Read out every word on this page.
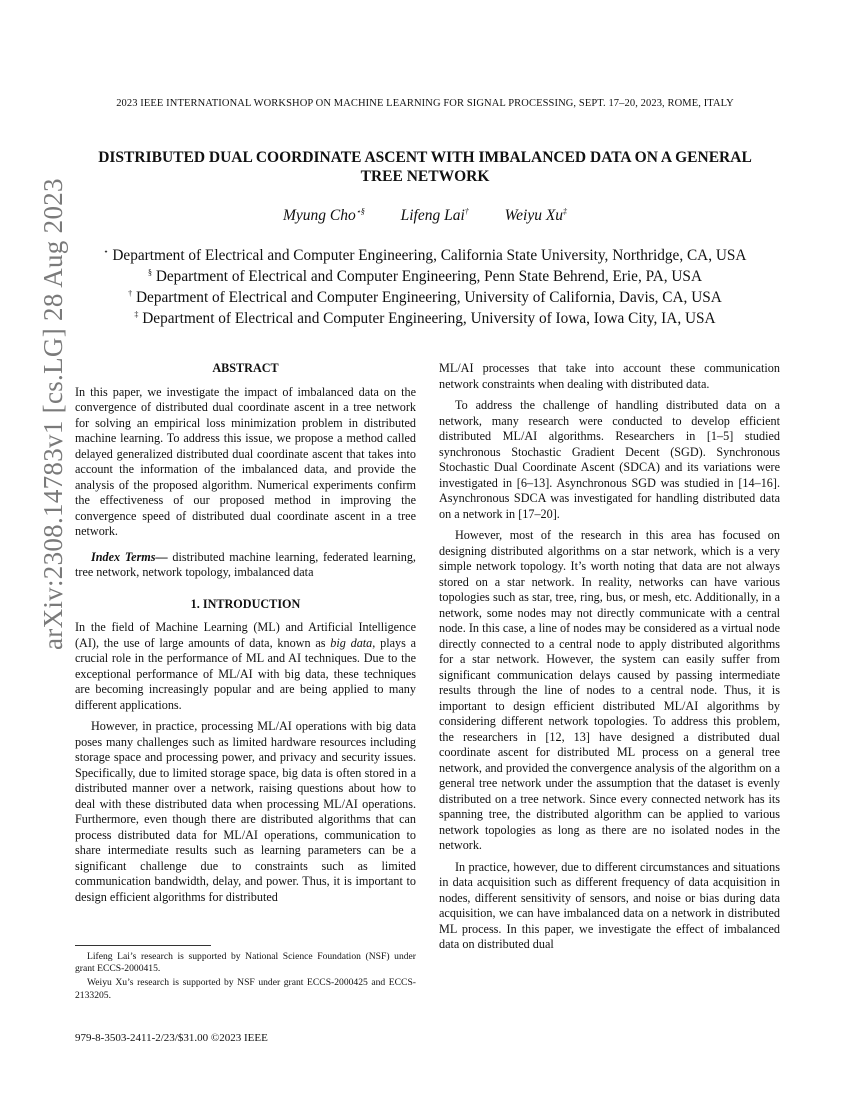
arXiv:2308.14783v1 [cs.LG] 28 Aug 2023
2023 IEEE INTERNATIONAL WORKSHOP ON MACHINE LEARNING FOR SIGNAL PROCESSING, SEPT. 17–20, 2023, ROME, ITALY
DISTRIBUTED DUAL COORDINATE ASCENT WITH IMBALANCED DATA ON A GENERAL
TREE NETWORK
Myung Cho⋆§ Lifeng Lai† Weiyu Xu‡
⋆ Department of Electrical and Computer Engineering, California State University, Northridge, CA, USA
§ Department of Electrical and Computer Engineering, Penn State Behrend, Erie, PA, USA
† Department of Electrical and Computer Engineering, University of California, Davis, CA, USA
‡ Department of Electrical and Computer Engineering, University of Iowa, Iowa City, IA, USA
ABSTRACT

In this paper, we investigate the impact of imbalanced data on the convergence of distributed dual coordinate ascent in a tree network for solving an empirical loss minimization problem in distributed machine learning. To address this issue, we propose a method called delayed generalized distributed dual coordinate ascent that takes into account the information of the imbalanced data, and provide the analysis of the proposed algorithm. Numerical experiments confirm the effectiveness of our proposed method in improving the convergence speed of distributed dual coordinate ascent in a tree network.

Index Terms— distributed machine learning, federated learning, tree network, network topology, imbalanced data

1. INTRODUCTION

In the field of Machine Learning (ML) and Artificial Intelligence (AI), the use of large amounts of data, known as big data, plays a crucial role in the performance of ML and AI techniques. Due to the exceptional performance of ML/AI with big data, these techniques are becoming increasingly popular and are being applied to many different applications.

However, in practice, processing ML/AI operations with big data poses many challenges such as limited hardware resources including storage space and processing power, and privacy and security issues. Specifically, due to limited storage space, big data is often stored in a distributed manner over a network, raising questions about how to deal with these distributed data when processing ML/AI operations. Furthermore, even though there are distributed algorithms that can process distributed data for ML/AI operations, communication to share intermediate results such as learning parameters can be a significant challenge due to constraints such as limited communication bandwidth, delay, and power. Thus, it is important to design efficient algorithms for distributed

ML/AI processes that take into account these communication network constraints when dealing with distributed data.

To address the challenge of handling distributed data on a network, many research were conducted to develop efficient distributed ML/AI algorithms. Researchers in [1–5] studied synchronous Stochastic Gradient Decent (SGD). Synchronous Stochastic Dual Coordinate Ascent (SDCA) and its variations were investigated in [6–13]. Asynchronous SGD was studied in [14–16]. Asynchronous SDCA was investigated for handling distributed data on a network in [17–20].

However, most of the research in this area has focused on designing distributed algorithms on a star network, which is a very simple network topology. It’s worth noting that data are not always stored on a star network. In reality, networks can have various topologies such as star, tree, ring, bus, or mesh, etc. Additionally, in a network, some nodes may not directly communicate with a central node. In this case, a line of nodes may be considered as a virtual node directly connected to a central node to apply distributed algorithms for a star network. However, the system can easily suffer from significant communication delays caused by passing intermediate results through the line of nodes to a central node. Thus, it is important to design efficient distributed ML/AI algorithms by considering different network topologies. To address this problem, the researchers in [12, 13] have designed a distributed dual coordinate ascent for distributed ML process on a general tree network, and provided the convergence analysis of the algorithm on a general tree network under the assumption that the dataset is evenly distributed on a tree network. Since every connected network has its spanning tree, the distributed algorithm can be applied to various network topologies as long as there are no isolated nodes in the network.

In practice, however, due to different circumstances and situations in data acquisition such as different frequency of data acquisition in nodes, different sensitivity of sensors, and noise or bias during data acquisition, we can have imbalanced data on a network in distributed ML process. In this paper, we investigate the effect of imbalanced data on distributed dual

Lifeng Lai’s research is supported by National Science Foundation (NSF) under grant ECCS-2000415.

Weiyu Xu’s research is supported by NSF under grant ECCS-2000425 and ECCS-2133205.

979-8-3503-2411-2/23/$31.00 ©2023 IEEE
